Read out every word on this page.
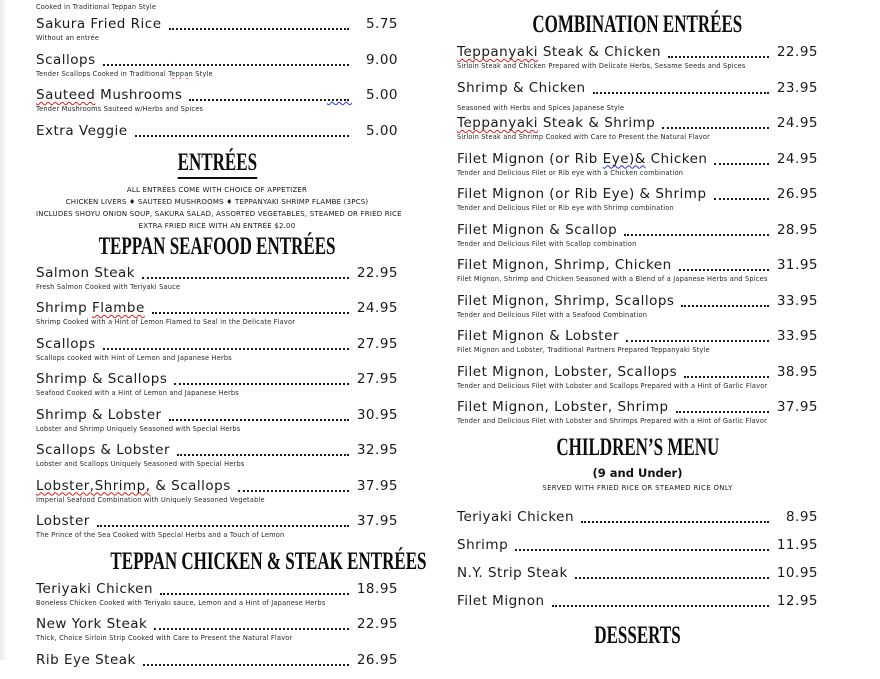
Cooked in Traditional Teppan Style
Sakura Fried Rice	5.75
Without an entrée
Scallops	9.00
Tender Scallops Cooked in Traditional Teppan Style
Sauteed Mushrooms	5.00
Tender Mushrooms Sauteed w/Herbs and Spices
Extra Veggie	5.00
ENTRÉES
ALL ENTRÉES COME WITH CHOICE OF APPETIZER
CHICKEN LIVERS ♦ SAUTEED MUSHROOMS ♦ TEPPANYAKI SHRIMP FLAMBE (3PCS)
INCLUDES SHOYU ONION SOUP, SAKURA SALAD, ASSORTED VEGETABLES, STEAMED OR FRIED RICE
EXTRA FRIED RICE WITH AN ENTRÉE $2.00
TEPPAN SEAFOOD ENTRÉES
Salmon Steak	22.95
Fresh Salmon Cooked with Teriyaki Sauce
Shrimp Flambe	24.95
Shrimp Cooked with a Hint of Lemon Flamed to Seal in the Delicate Flavor
Scallops	27.95
Scallops cooked with Hint of Lemon and Japanese Herbs
Shrimp & Scallops	27.95
Seafood Cooked with a Hint of Lemon and Japanese Herbs
Shrimp & Lobster	30.95
Lobster and Shrimp Uniquely Seasoned with Special Herbs
Scallops & Lobster	32.95
Lobster and Scallops Uniquely Seasoned with Special Herbs
Lobster,Shrimp, & Scallops	37.95
Imperial Seafood Combination with Uniquely Seasoned Vegetable
Lobster	37.95
The Prince of the Sea Cooked with Special Herbs and a Touch of Lemon
TEPPAN CHICKEN & STEAK ENTRÉES
Teriyaki Chicken	18.95
Boneless Chicken Cooked with Teriyaki sauce, Lemon and a Hint of Japanese Herbs
New York Steak	22.95
Thick, Choice Sirloin Strip Cooked with Care to Present the Natural Flavor
Rib Eye Steak	26.95
COMBINATION ENTRÉES
Teppanyaki Steak & Chicken	22.95
Sirloin Steak and Chicken Prepared with Delicate Herbs, Sesame Seeds and Spices
Shrimp & Chicken	23.95
Seasoned with Herbs and Spices Japanese Style
Teppanyaki Steak & Shrimp	24.95
Sirloin Steak and Shrimp Cooked with Care to Present the Natural Flavor
Filet Mignon (or Rib Eye)& Chicken	24.95
Tender and Delicious Filet or Rib eye with a Chicken combination
Filet Mignon (or Rib Eye) & Shrimp	26.95
Tender and Delicious Filet or Rib eye with Shrimp combination
Filet Mignon & Scallop	28.95
Tender and Delicious Filet with Scallop combination
Filet Mignon, Shrimp, Chicken	31.95
Filet Mignon, Shrimp and Chicken Seasoned with a Blend of a Japanese Herbs and Spices
Filet Mignon, Shrimp, Scallops	33.95
Tender and Delicious Filet with a Seafood Combination
Filet Mignon & Lobster	33.95
Filet Mignon and Lobster, Traditional Partners Prepared Teppanyaki Style
Filet Mignon, Lobster, Scallops	38.95
Tender and Delicious Filet with Lobster and Scallops Prepared with a Hint of Garlic Flavor
Filet Mignon, Lobster, Shrimp	37.95
Tender and Delicious Filet with Lobster and Shrimps Prepared with a Hint of Garlic Flavor
CHILDREN’S MENU
(9 and Under)
SERVED WITH FRIED RICE OR STEAMED RICE ONLY
Teriyaki Chicken	8.95
Shrimp	11.95
N.Y. Strip Steak	10.95
Filet Mignon	12.95
DESSERTS
